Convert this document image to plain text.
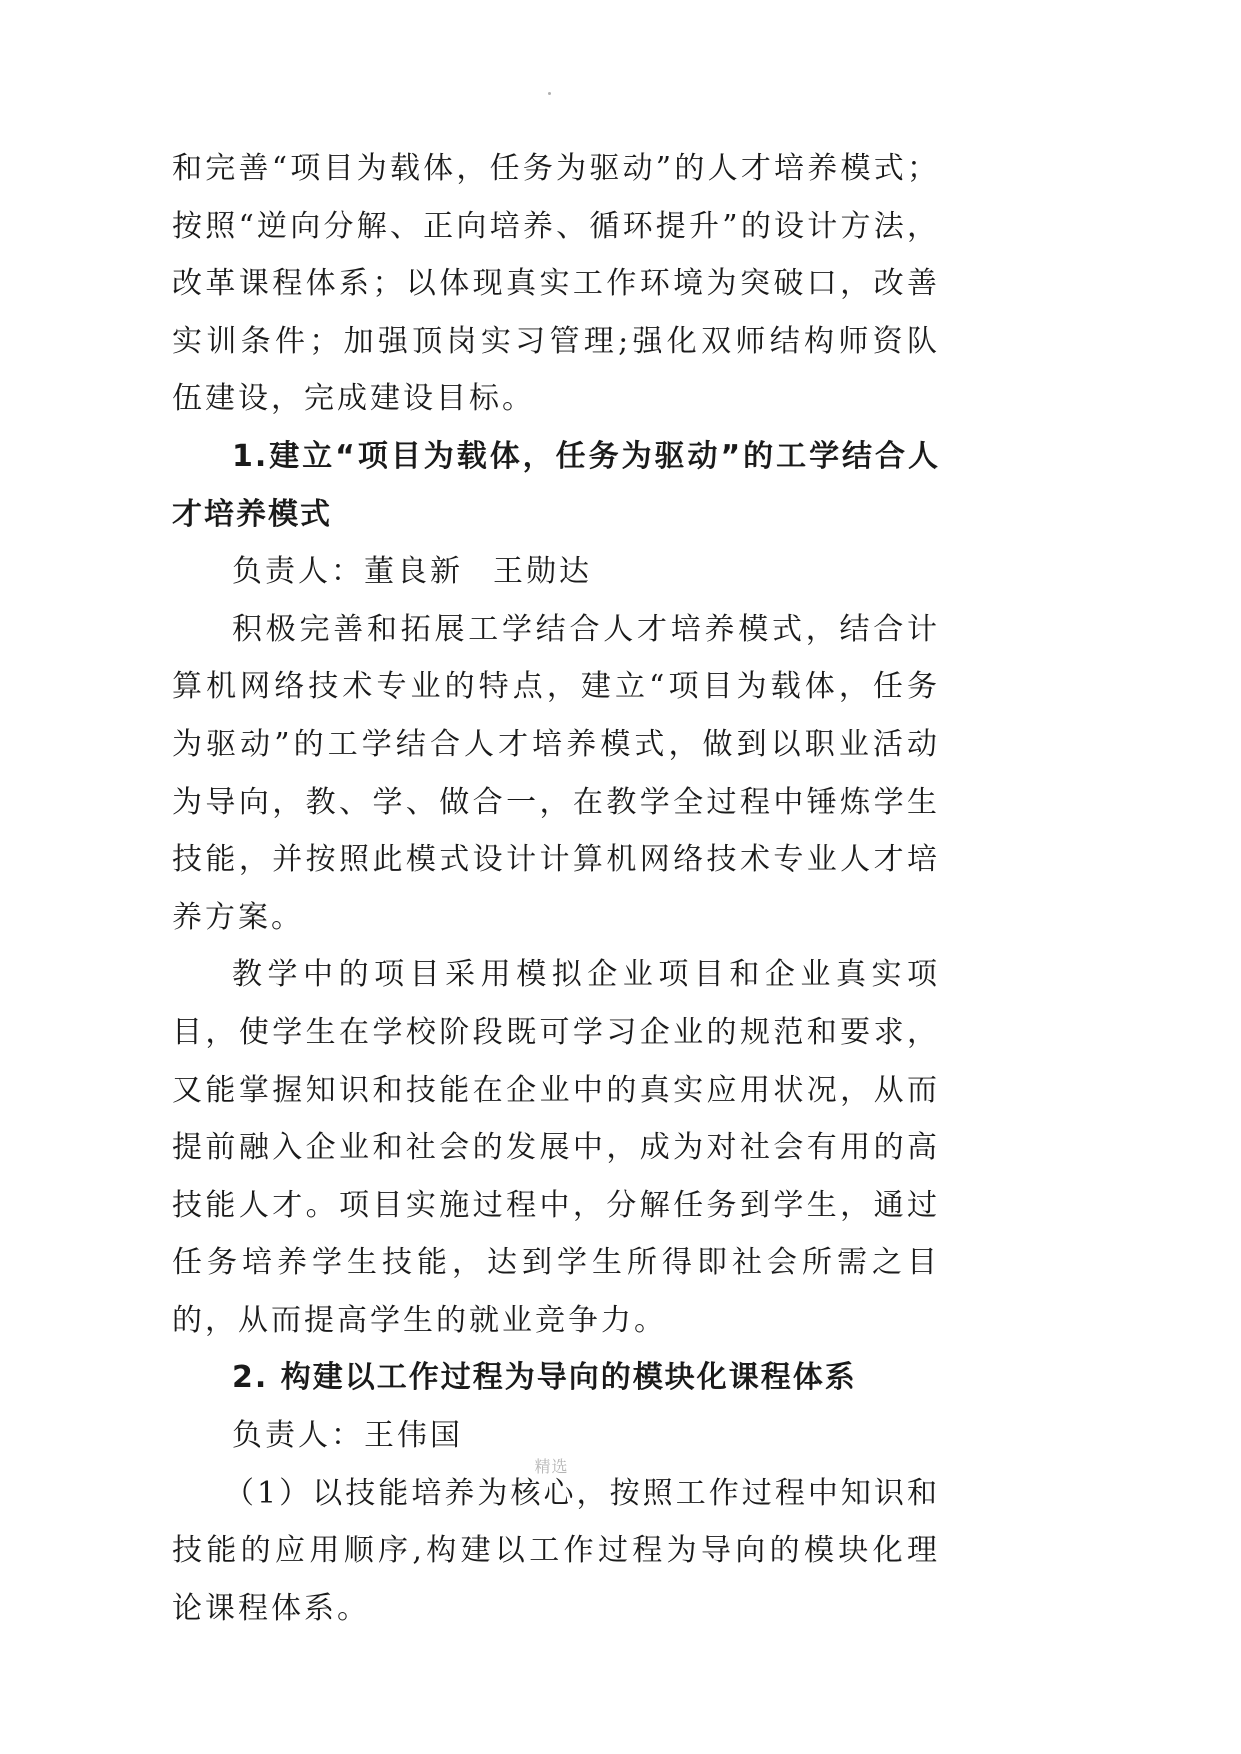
和完善“项目为载体，任务为驱动”的人才培养模式；按照“逆向分解、正向培养、循环提升”的设计方法，改革课程体系；以体现真实工作环境为突破口，改善实训条件；加强顶岗实习管理;强化双师结构师资队伍建设，完成建设目标。

1.建立“项目为载体，任务为驱动”的工学结合人才培养模式

负责人：董良新 王勋达

积极完善和拓展工学结合人才培养模式，结合计算机网络技术专业的特点，建立“项目为载体，任务为驱动”的工学结合人才培养模式，做到以职业活动为导向，教、学、做合一，在教学全过程中锤炼学生技能，并按照此模式设计计算机网络技术专业人才培养方案。

教学中的项目采用模拟企业项目和企业真实项目，使学生在学校阶段既可学习企业的规范和要求，又能掌握知识和技能在企业中的真实应用状况，从而提前融入企业和社会的发展中，成为对社会有用的高技能人才。项目实施过程中，分解任务到学生，通过任务培养学生技能，达到学生所得即社会所需之目的，从而提高学生的就业竞争力。

2. 构建以工作过程为导向的模块化课程体系

负责人：王伟国

（1）以技能培养为核心，按照工作过程中知识和技能的应用顺序,构建以工作过程为导向的模块化理论课程体系。

精选
